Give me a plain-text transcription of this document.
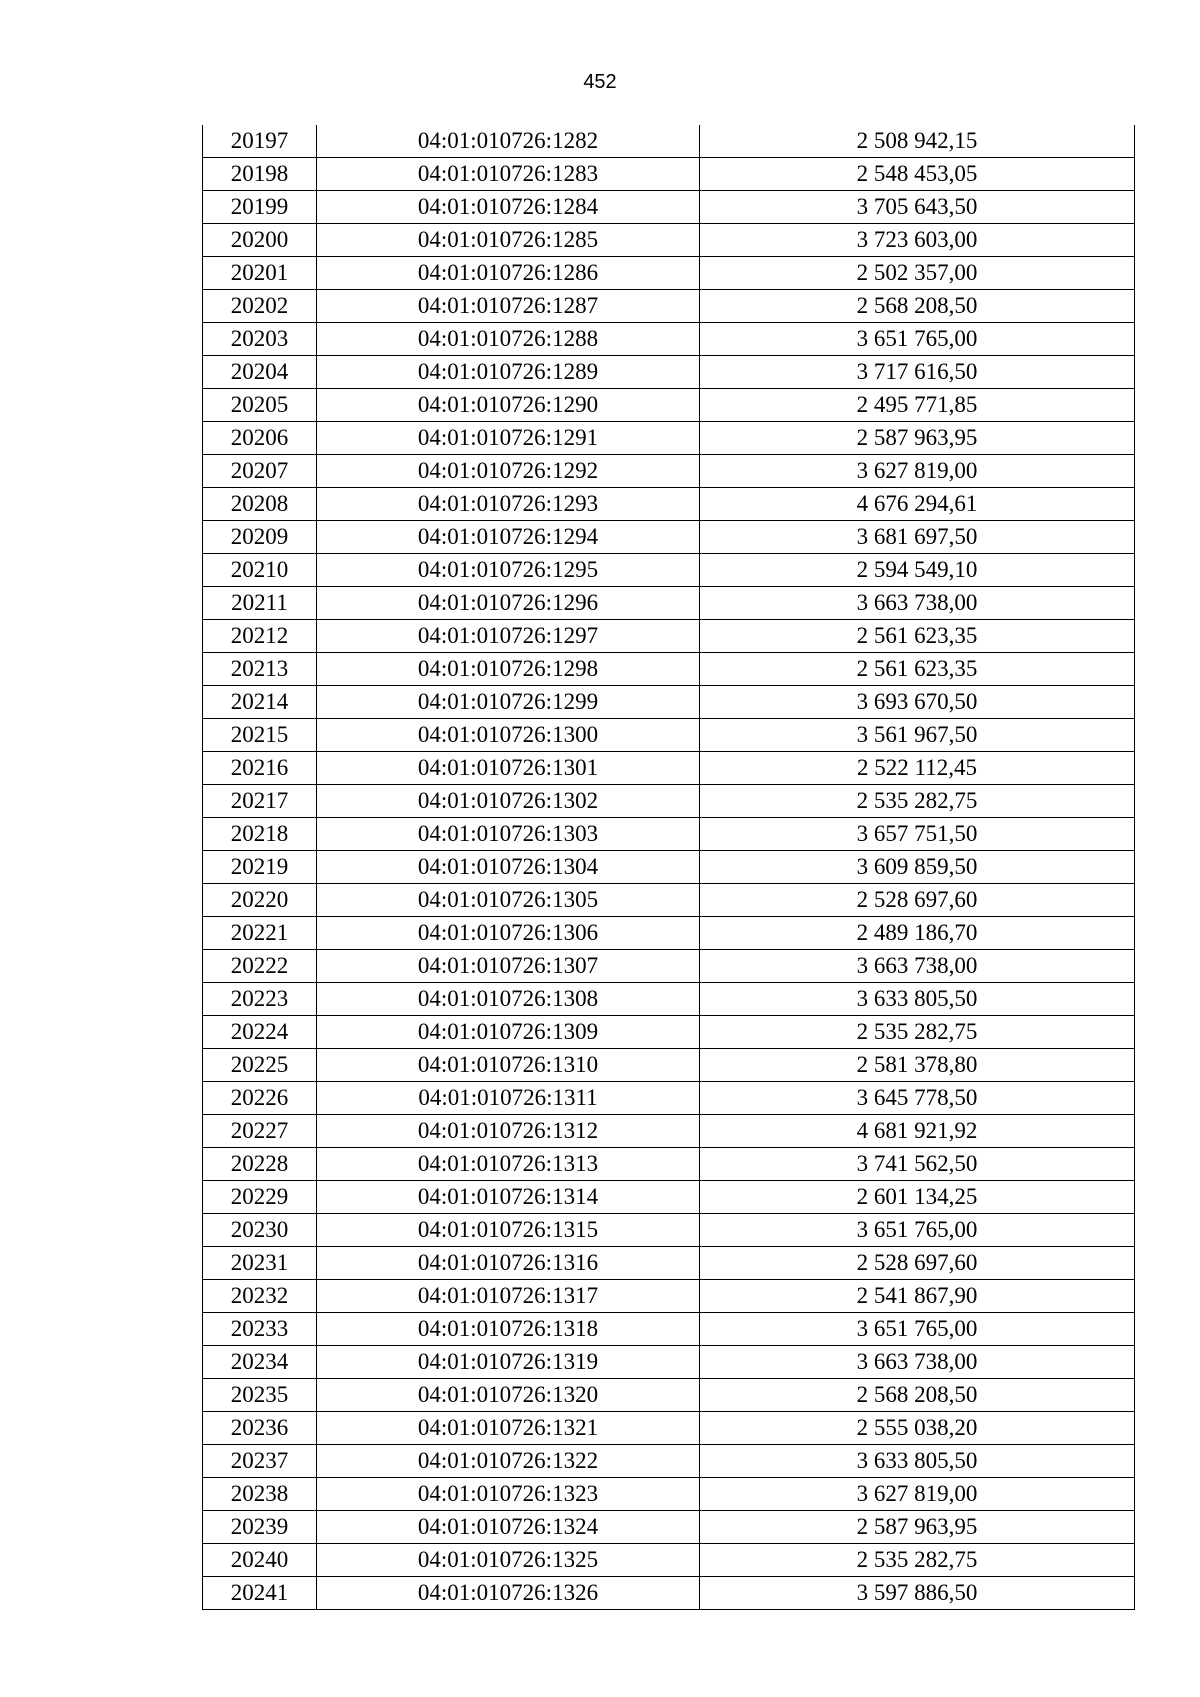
452
20197	04:01:010726:1282	2 508 942,15
20198	04:01:010726:1283	2 548 453,05
20199	04:01:010726:1284	3 705 643,50
20200	04:01:010726:1285	3 723 603,00
20201	04:01:010726:1286	2 502 357,00
20202	04:01:010726:1287	2 568 208,50
20203	04:01:010726:1288	3 651 765,00
20204	04:01:010726:1289	3 717 616,50
20205	04:01:010726:1290	2 495 771,85
20206	04:01:010726:1291	2 587 963,95
20207	04:01:010726:1292	3 627 819,00
20208	04:01:010726:1293	4 676 294,61
20209	04:01:010726:1294	3 681 697,50
20210	04:01:010726:1295	2 594 549,10
20211	04:01:010726:1296	3 663 738,00
20212	04:01:010726:1297	2 561 623,35
20213	04:01:010726:1298	2 561 623,35
20214	04:01:010726:1299	3 693 670,50
20215	04:01:010726:1300	3 561 967,50
20216	04:01:010726:1301	2 522 112,45
20217	04:01:010726:1302	2 535 282,75
20218	04:01:010726:1303	3 657 751,50
20219	04:01:010726:1304	3 609 859,50
20220	04:01:010726:1305	2 528 697,60
20221	04:01:010726:1306	2 489 186,70
20222	04:01:010726:1307	3 663 738,00
20223	04:01:010726:1308	3 633 805,50
20224	04:01:010726:1309	2 535 282,75
20225	04:01:010726:1310	2 581 378,80
20226	04:01:010726:1311	3 645 778,50
20227	04:01:010726:1312	4 681 921,92
20228	04:01:010726:1313	3 741 562,50
20229	04:01:010726:1314	2 601 134,25
20230	04:01:010726:1315	3 651 765,00
20231	04:01:010726:1316	2 528 697,60
20232	04:01:010726:1317	2 541 867,90
20233	04:01:010726:1318	3 651 765,00
20234	04:01:010726:1319	3 663 738,00
20235	04:01:010726:1320	2 568 208,50
20236	04:01:010726:1321	2 555 038,20
20237	04:01:010726:1322	3 633 805,50
20238	04:01:010726:1323	3 627 819,00
20239	04:01:010726:1324	2 587 963,95
20240	04:01:010726:1325	2 535 282,75
20241	04:01:010726:1326	3 597 886,50
